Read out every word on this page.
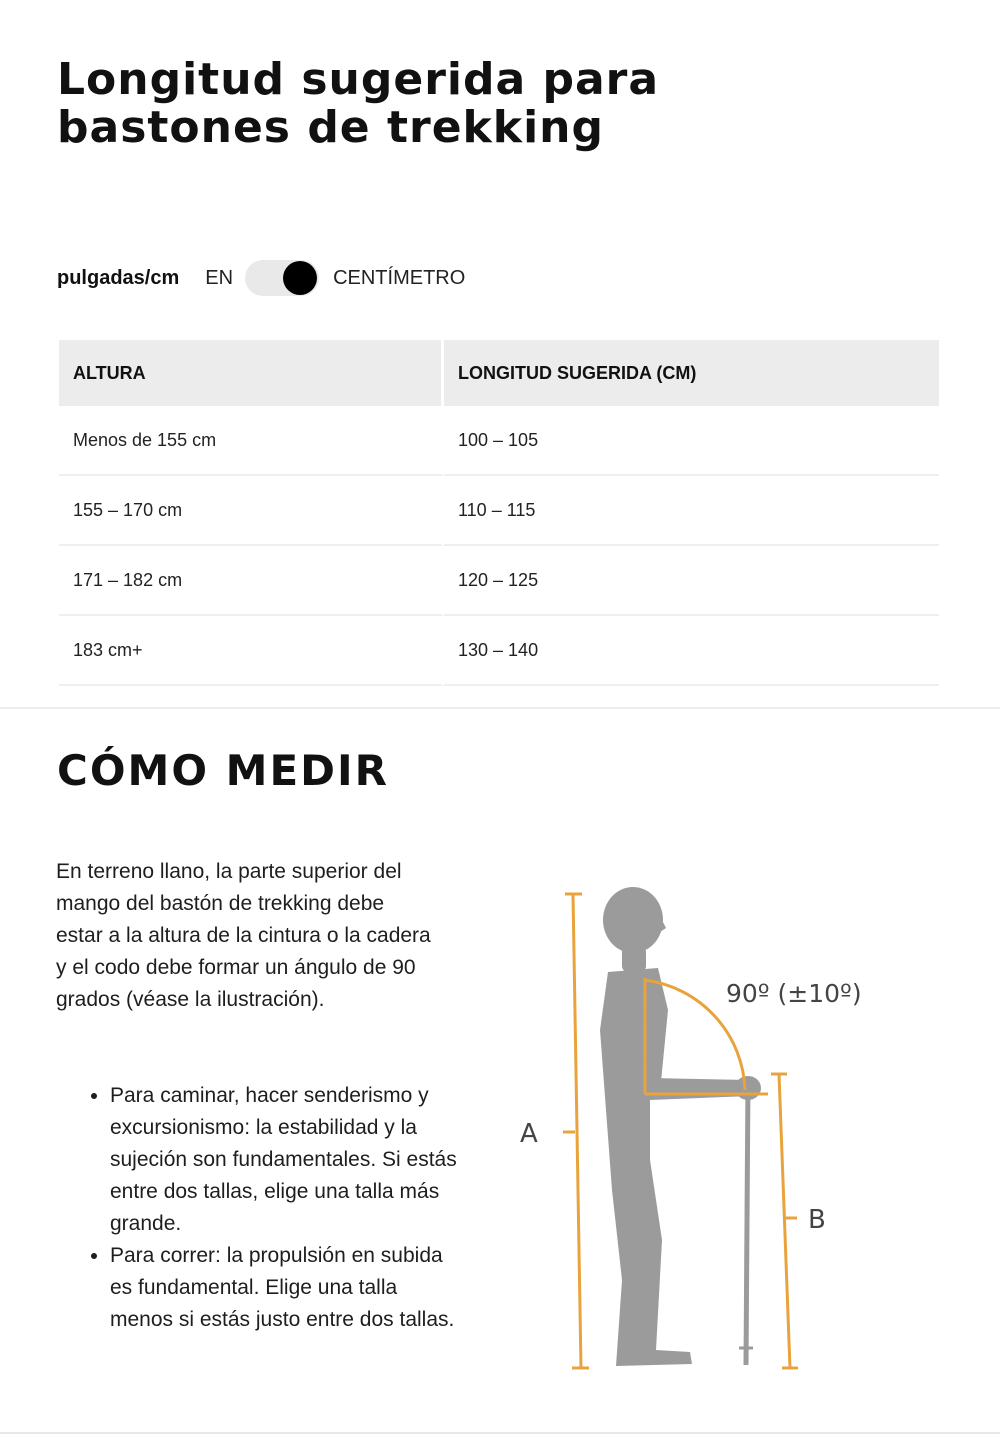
Longitud sugerida para
bastones de trekking
pulgadas/cm EN	CENTÍMETRO
ALTURA	LONGITUD SUGERIDA (CM)
Menos de 155 cm	100 – 105
155 – 170 cm	110 – 115
171 – 182 cm	120 – 125
183 cm+	130 – 140
CÓMO MEDIR

En terreno llano, la parte superior del mango del bastón de trekking debe estar a la altura de la cintura o la cadera y el codo debe formar un ángulo de 90 grados (véase la ilustración).

• Para caminar, hacer senderismo y excursionismo: la estabilidad y la sujeción son fundamentales. Si estás entre dos tallas, elige una talla más grande.
• Para correr: la propulsión en subida es fundamental. Elige una talla menos si estás justo entre dos tallas.
A
90º (±10º)
B
